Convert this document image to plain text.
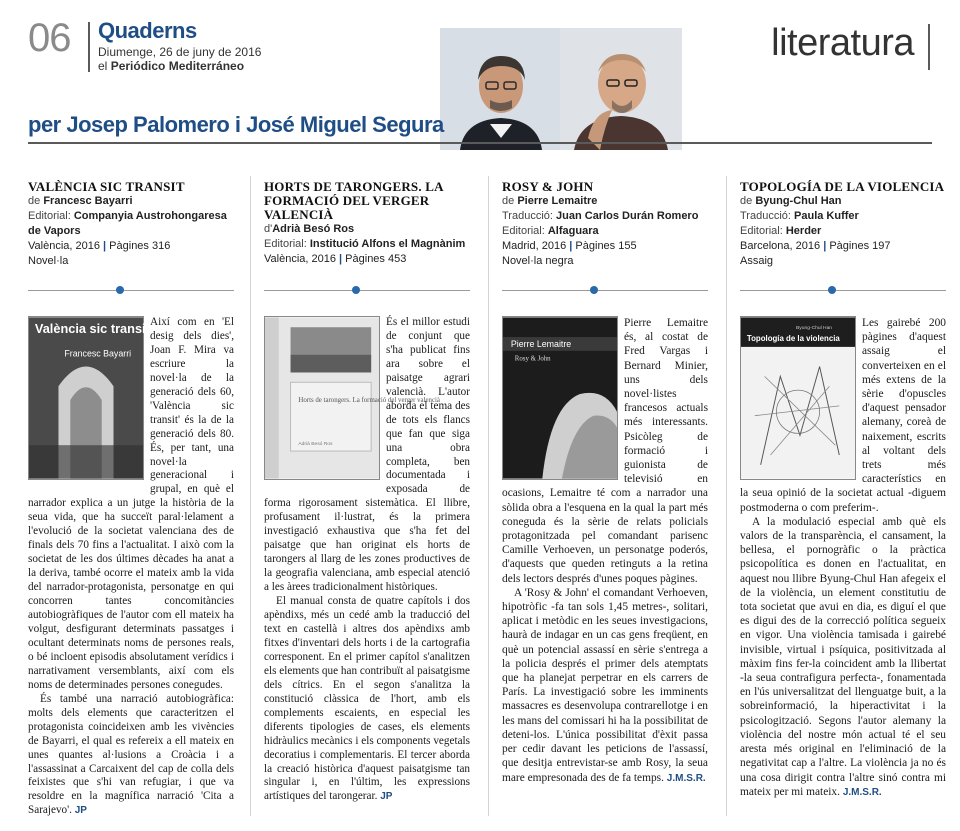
06 Quaderns
Diumenge, 26 de juny de 2016
el Periódico Mediterráneo
literatura
per Josep Palomero i José Miguel Segura
VALÈNCIA SIC TRANSIT
de Francesc Bayarri
Editorial: Companyia Austrohongaresa de Vapors
València, 2016 | Pàgines 316
Novel·la
València sic transit
Francesc Bayarri

Així com en 'El desig dels dies', Joan F. Mira va escriure la novel·la de la generació dels 60, 'València sic transit' és la de la generació dels 80. És, per tant, una novel·la generacional i grupal, en què el narrador explica a un jutge la història de la seua vida, que ha succeït paral·lelament a l'evolució de la societat valenciana des de finals dels 70 fins a l'actualitat. I això com la societat de les dos últimes dècades ha anat a la deriva, també ocorre el mateix amb la vida del narrador-protagonista, personatge en qui concorren tantes concomitàncies autobiogràfiques de l'autor com ell mateix ha volgut, desfigurant determinats passatges i ocultant determinats noms de persones reals, o bé incloent episodis absolutament verídics i narrativament versemblants, així com els noms de determinades persones conegudes.

És també una narració autobiogràfica: molts dels elements que caracteritzen el protagonista coincideixen amb les vivències de Bayarri, el qual es refereix a ell mateix en unes quantes al·lusions a Croàcia i a l'assassinat a Carcaixent del cap de colla dels feixistes que s'hi van refugiar, i que va resoldre en la magnífica narració 'Cita a Sarajevo'. JP

HORTS DE TARONGERS. LA FORMACIÓ DEL VERGER VALENCIÀ
d'Adrià Besó Ros
Editorial: Institució Alfons el Magnànim
València, 2016 | Pàgines 453
Horts de tarongers. La formació del verger valencià
Adrià Besó Ros

És el millor estudi de conjunt que s'ha publicat fins ara sobre el paisatge agrari valencià. L'autor aborda el tema des de tots els flancs que fan que siga una obra completa, ben documentada i exposada de forma rigorosament sistemàtica. El llibre, profusament il·lustrat, és la primera investigació exhaustiva que s'ha fet del paisatge que han originat els horts de tarongers al llarg de les zones productives de la geografia valenciana, amb especial atenció a les àrees tradicionalment històriques.

El manual consta de quatre capítols i dos apèndixs, més un cedé amb la traducció del text en castellà i altres dos apèndixs amb fitxes d'inventari dels horts i de la cartografia corresponent. En el primer capítol s'analitzen els elements que han contribuït al paisatgisme dels cítrics. En el segon s'analitza la constitució clàssica de l'hort, amb els complements escaients, en especial les diferents tipologies de cases, els elements hidràulics mecànics i els components vegetals decoratius i complementaris. El tercer aborda la creació històrica d'aquest paisatgisme tan singular i, en l'últim, les expressions artístiques del tarongerar. JP

ROSY & JOHN
de Pierre Lemaitre
Traducció: Juan Carlos Durán Romero
Editorial: Alfaguara
Madrid, 2016 | Pàgines 155
Novel·la negra
Pierre Lemaitre
Rosy & John

Pierre Lemaitre és, al costat de Fred Vargas i Bernard Minier, uns dels novel·listes francesos actuals més interessants. Psicòleg de formació i guionista de televisió en ocasions, Lemaitre té com a narrador una sòlida obra a l'esquena en la qual la part més coneguda és la sèrie de relats policials protagonitzada pel comandant parisenc Camille Verhoeven, un personatge poderós, d'aquests que queden retinguts a la retina dels lectors després d'unes poques pàgines.

A 'Rosy & John' el comandant Verhoeven, hipotròfic -fa tan sols 1,45 metres-, solitari, aplicat i metòdic en les seues investigacions, haurà de indagar en un cas gens freqüent, en què un potencial assassí en sèrie s'entrega a la policia després el primer dels atemptats que ha planejat perpetrar en els carrers de París. La investigació sobre les imminents massacres es desenvolupa contrarellotge i en les mans del comissari hi ha la possibilitat de deteni-los. L'única possibilitat d'èxit passa per cedir davant les peticions de l'assassí, que desitja entrevistar-se amb Rosy, la seua mare empresonada des de fa temps. J.M.S.R.

TOPOLOGÍA DE LA VIOLENCIA
de Byung-Chul Han
Traducció: Paula Kuffer
Editorial: Herder
Barcelona, 2016 | Pàgines 197
Assaig
Byung-Chul Han
Topología de la violencia

Les gairebé 200 pàgines d'aquest assaig el converteixen en el més extens de la sèrie d'opuscles d'aquest pensador alemany, coreà de naixement, escrits al voltant dels trets més característics en la seua opinió de la societat actual -diguem postmoderna o com preferim-.

A la modulació especial amb què els valors de la transparència, el cansament, la bellesa, el pornogràfic o la pràctica psicopolítica es donen en l'actualitat, en aquest nou llibre Byung-Chul Han afegeix el de la violència, un element constitutiu de tota societat que avui en dia, es diguí el que es digui des de la correcció política segueix en vigor. Una violència tamisada i gairebé invisible, virtual i psíquica, positivitzada al màxim fins fer-la coincident amb la llibertat -la seua contrafigura perfecta-, fonamentada en l'ús universalitzat del llenguatge buit, a la sobreinformació, la hiperactivitat i la psicologització. Segons l'autor alemany la violència del nostre món actual té el seu aresta més original en l'eliminació de la negativitat cap a l'altre. La violència ja no és una cosa dirigit contra l'altre sinó contra mi mateix per mi mateix. J.M.S.R.
